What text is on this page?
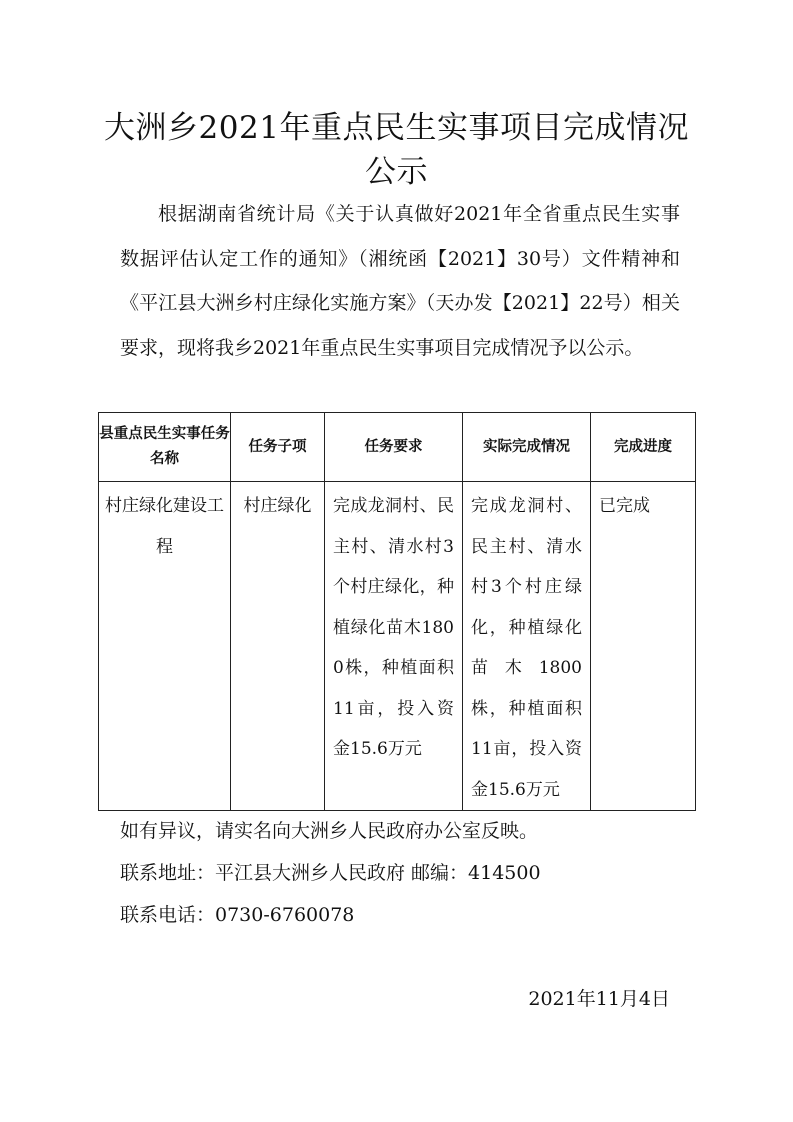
大洲乡2021年重点民生实事项目完成情况
公示
根据湖南省统计局《关于认真做好2021年全省重点民生实事数据评估认定工作的通知》（湘统函【2021】30号）文件精神和《平江县大洲乡村庄绿化实施方案》（天办发【2021】22号）相关要求，现将我乡2021年重点民生实事项目完成情况予以公示。
县重点民生实事任务名称	任务子项	任务要求	实际完成情况	完成进度

村庄绿化建设工程	村庄绿化	完成龙洞村、民主村、清水村3个村庄绿化，种植绿化苗木1800株，种植面积11亩，投入资金15.6万元	完成龙洞村、民主村、清水村3个村庄绿化，种植绿化苗木1800株，种植面积11亩，投入资金15.6万元	已完成
如有异议，请实名向大洲乡人民政府办公室反映。
联系地址：平江县大洲乡人民政府 邮编：414500
联系电话：0730-6760078
2021年11月4日
